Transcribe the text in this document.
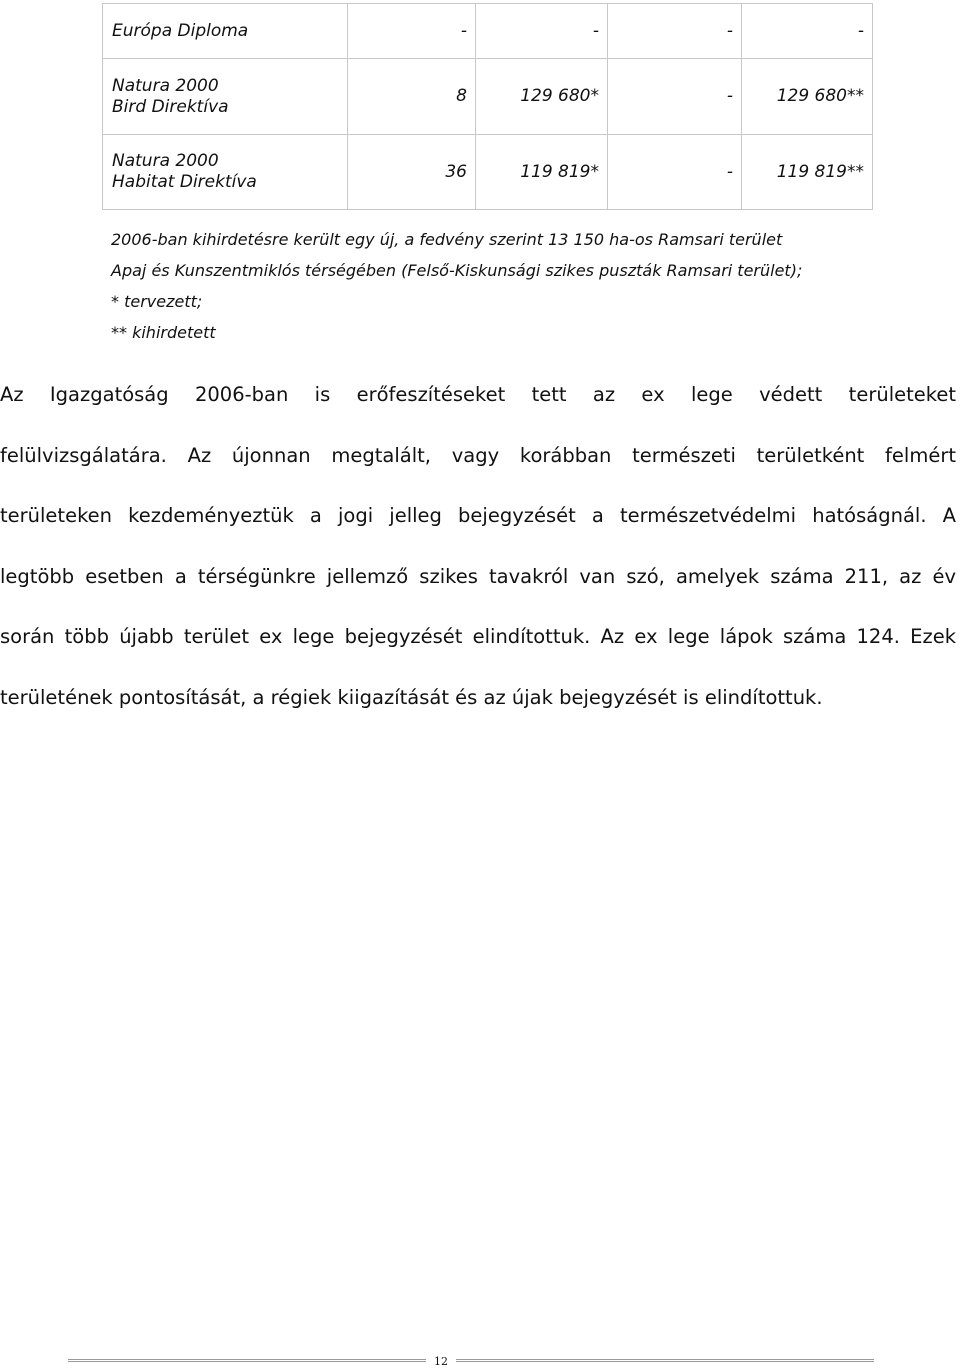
Európa Diploma	-	-	-	-
Natura 2000
Bird Direktíva	8	129 680*	-	129 680**
Natura 2000
Habitat Direktíva	36	119 819*	-	119 819**
2006-ban kihirdetésre került egy új, a fedvény szerint 13 150 ha-os Ramsari terület
Apaj és Kunszentmiklós térségében (Felső-Kiskunsági szikes puszták Ramsari terület);
* tervezett;
** kihirdetett
Az Igazgatóság 2006-ban is erőfeszítéseket tett az ex lege védett területeket
felülvizsgálatára. Az újonnan megtalált, vagy korábban természeti területként felmért
területeken kezdeményeztük a jogi jelleg bejegyzését a természetvédelmi hatóságnál. A
legtöbb esetben a térségünkre jellemző szikes tavakról van szó, amelyek száma 211, az év
során több újabb terület ex lege bejegyzését elindítottuk. Az ex lege lápok száma 124. Ezek
területének pontosítását, a régiek kiigazítását és az újak bejegyzését is elindítottuk.
12
